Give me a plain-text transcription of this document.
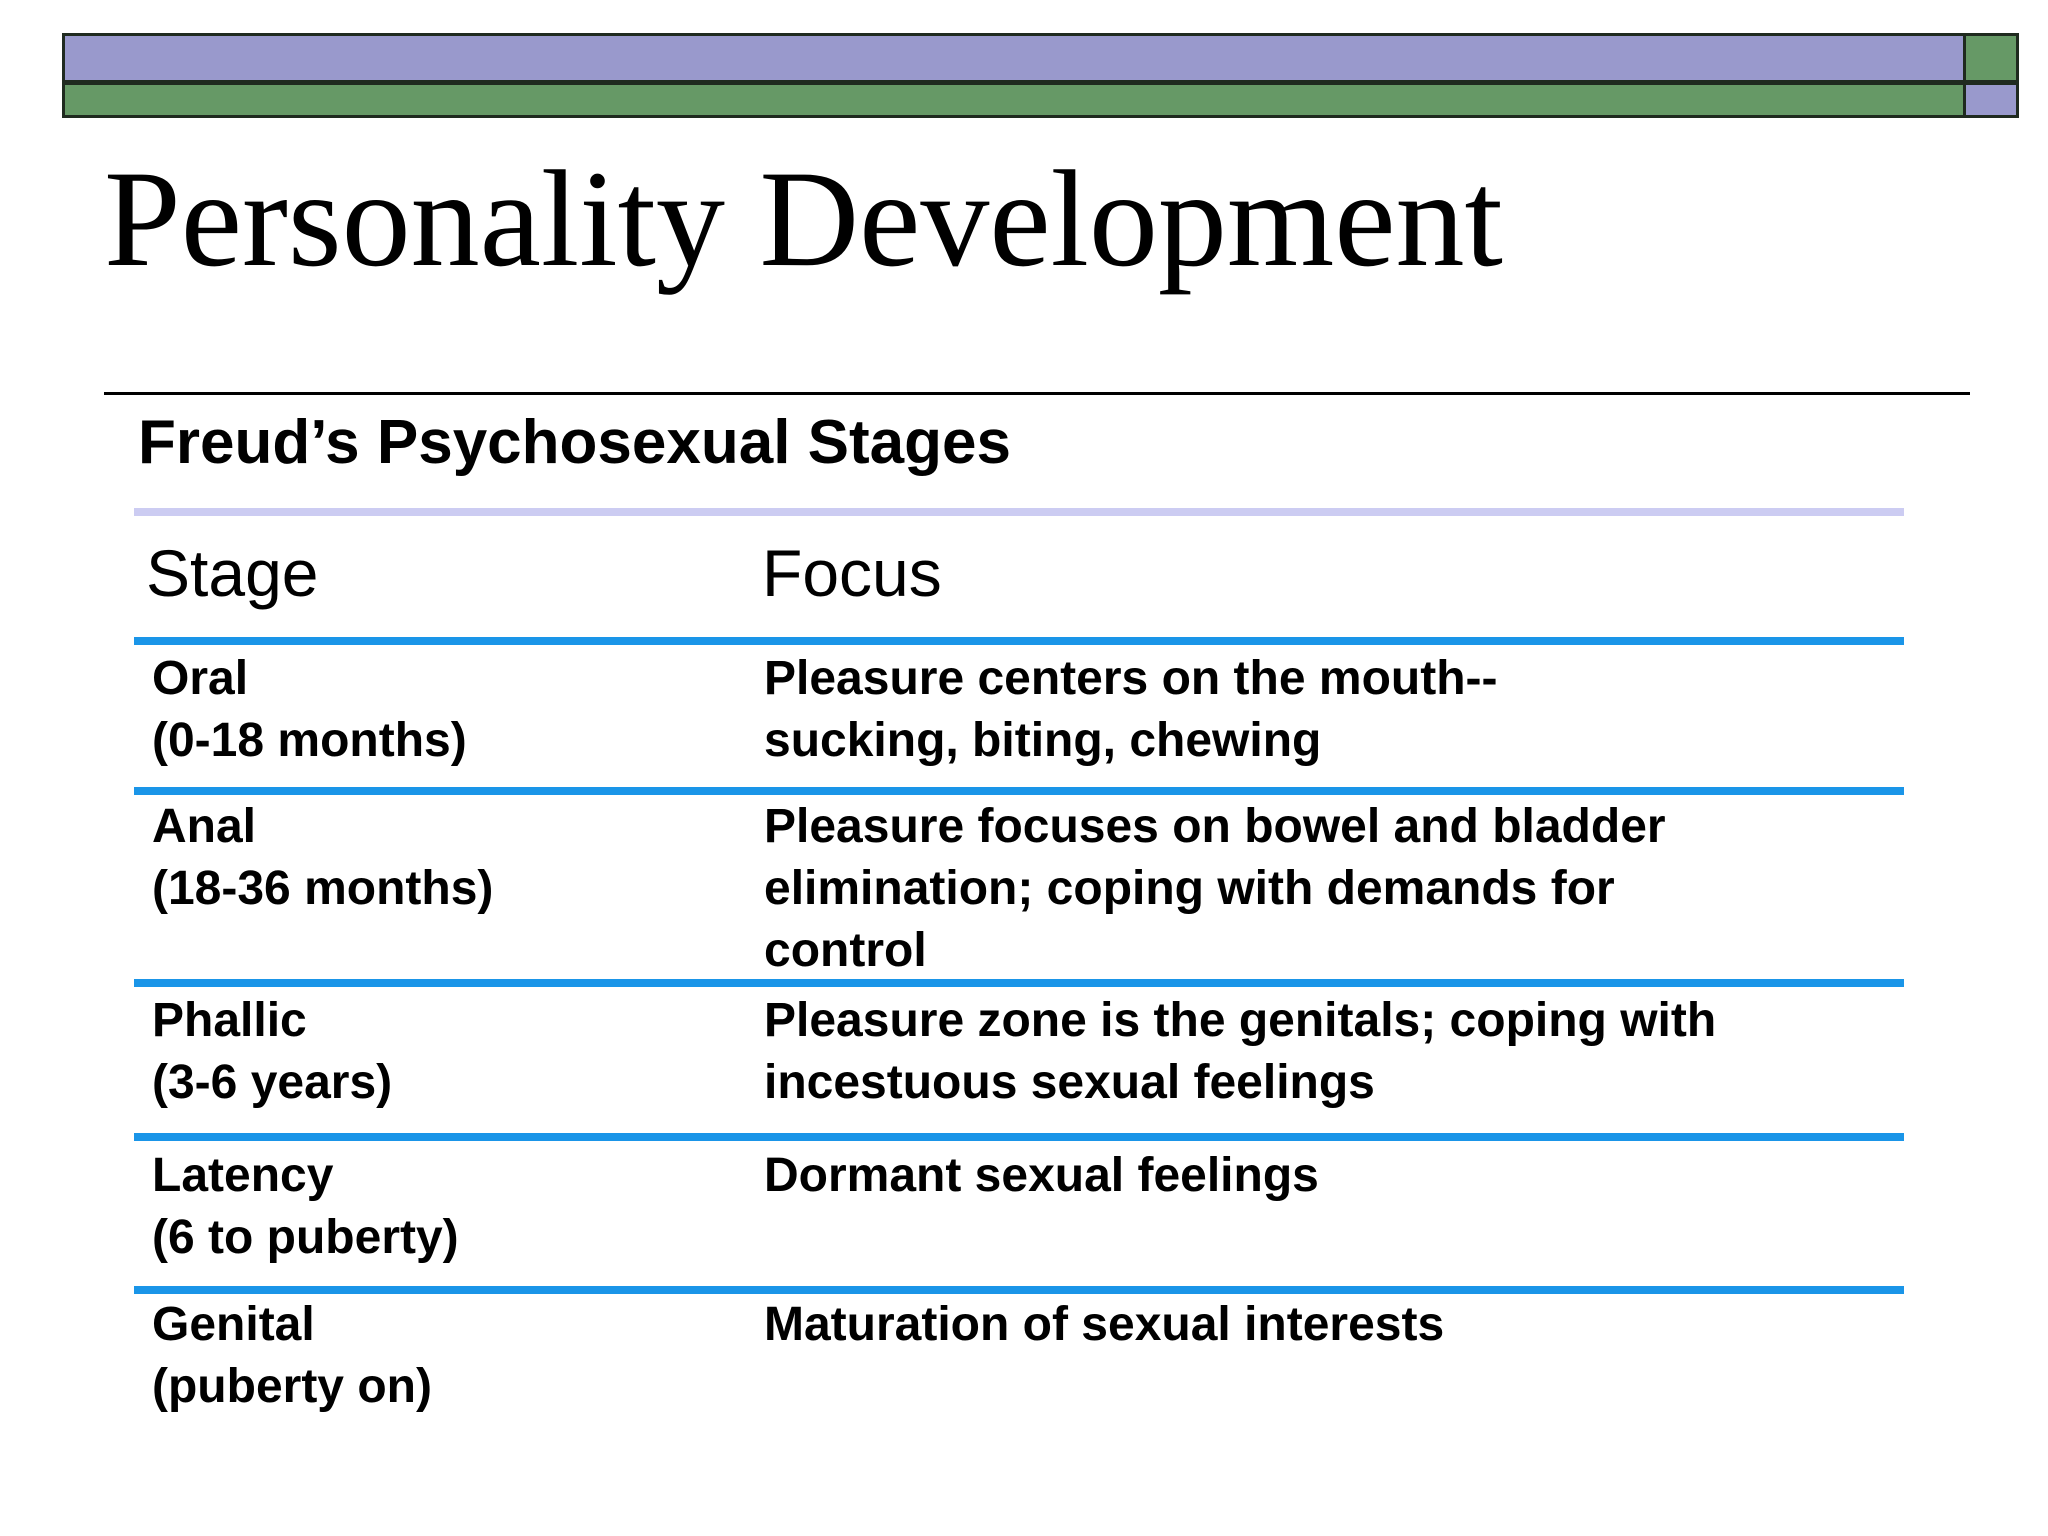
Personality Development
Freud’s Psychosexual Stages
Stage	Focus
Oral
(0-18 months)
Pleasure centers on the mouth--
sucking, biting, chewing
Anal
(18-36 months)
Pleasure focuses on bowel and bladder
elimination; coping with demands for
control
Phallic
(3-6 years)
Pleasure zone is the genitals; coping with
incestuous sexual feelings
Latency
(6 to puberty)
Dormant sexual feelings
Genital
(puberty on)
Maturation of sexual interests
